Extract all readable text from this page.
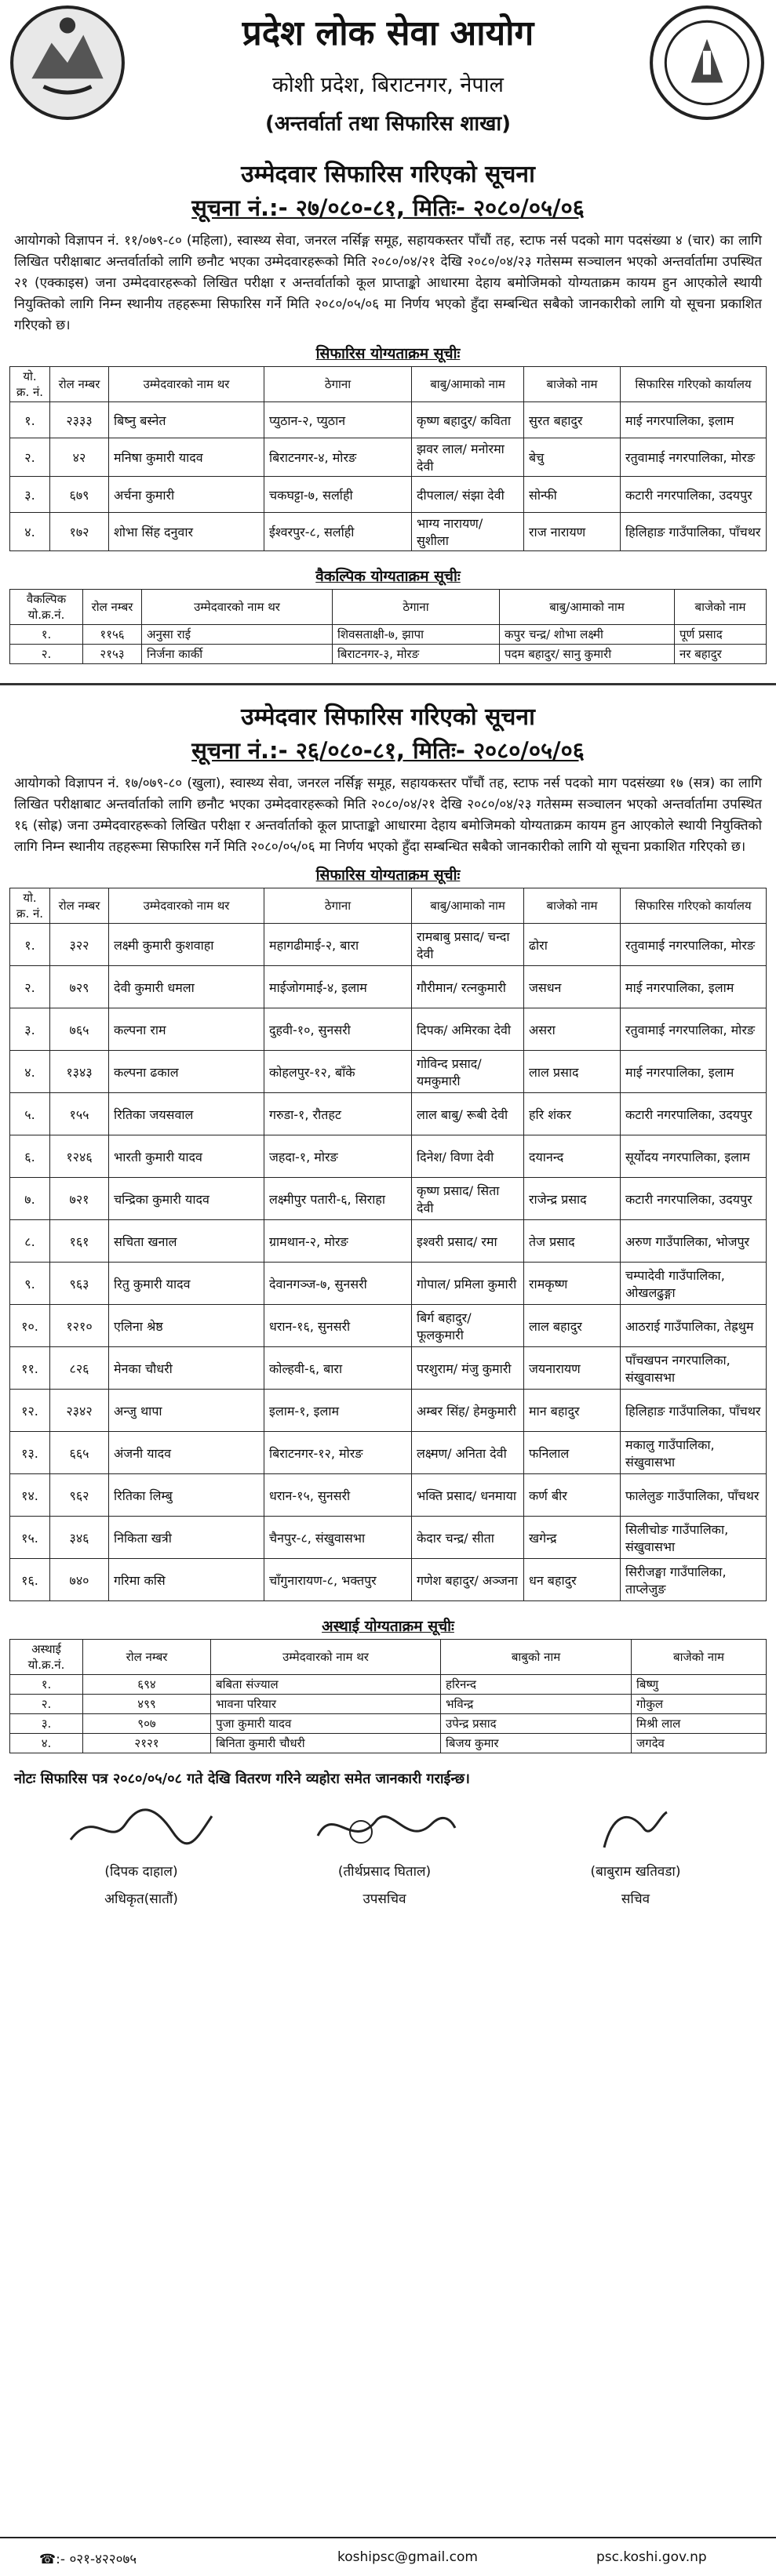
प्रदेश लोक सेवा आयोग
कोशी प्रदेश, बिराटनगर, नेपाल
(अन्तर्वार्ता तथा सिफारिस शाखा)
उम्मेदवार सिफारिस गरिएको सूचना

सूचना नं.:- २७/०८०-८१, मितिः- २०८०/०५/०६

आयोगको विज्ञापन नं. ११/०७९-८० (महिला), स्वास्थ्य सेवा, जनरल नर्सिङ्ग समूह, सहायकस्तर पाँचौं तह, स्टाफ नर्स पदको माग पदसंख्या ४ (चार) का लागि लिखित परीक्षाबाट अन्तर्वार्ताको लागि छनौट भएका उम्मेदवारहरूको मिति २०८०/०४/२१ देखि २०८०/०४/२३ गतेसम्म सञ्चालन भएको अन्तर्वार्तामा उपस्थित २१ (एक्काइस) जना उम्मेदवारहरूको लिखित परीक्षा र अन्तर्वार्ताको कूल प्राप्ताङ्को आधारमा देहाय बमोजिमको योग्यताक्रम कायम हुन आएकोले स्थायी नियुक्तिको लागि निम्न स्थानीय तहहरूमा सिफारिस गर्ने मिति २०८०/०५/०६ मा निर्णय भएको हुँदा सम्बन्धित सबैको जानकारीको लागि यो सूचना प्रकाशित गरिएको छ।

सिफारिस योग्यताक्रम सूचीः
यो. क्र. नं.	रोल नम्बर	उम्मेदवारको नाम थर	ठेगाना	बाबु/आमाको नाम	बाजेको नाम	सिफारिस गरिएको कार्यालय
१.	२३३३	बिष्नु बस्नेत	प्युठान-२, प्युठान	कृष्ण बहादुर/ कविता	सुरत बहादुर	माई नगरपालिका, इलाम
२.	४२	मनिषा कुमारी यादव	बिराटनगर-४, मोरङ	झवर लाल/ मनोरमा देवी	बेचु	रतुवामाई नगरपालिका, मोरङ
३.	६७९	अर्चना कुमारी	चकघट्टा-७, सर्लाही	दीपलाल/ संझा देवी	सोन्फी	कटारी नगरपालिका, उदयपुर
४.	१७२	शोभा सिंह दनुवार	ईश्वरपुर-८, सर्लाही	भाग्य नारायण/ सुशीला	राज नारायण	हिलिहाङ गाउँपालिका, पाँचथर
वैकल्पिक योग्यताक्रम सूचीः
वैकल्पिक यो.क्र.नं.	रोल नम्बर	उम्मेदवारको नाम थर	ठेगाना	बाबु/आमाको नाम	बाजेको नाम
१.	११५६	अनुसा राई	शिवसताक्षी-७, झापा	कपुर चन्द्र/ शोभा लक्ष्मी	पूर्ण प्रसाद
२.	२१५३	निर्जना कार्की	बिराटनगर-३, मोरङ	पदम बहादुर/ सानु कुमारी	नर बहादुर
उम्मेदवार सिफारिस गरिएको सूचना

सूचना नं.:- २६/०८०-८१, मितिः- २०८०/०५/०६

आयोगको विज्ञापन नं. १७/०७९-८० (खुला), स्वास्थ्य सेवा, जनरल नर्सिङ्ग समूह, सहायकस्तर पाँचौं तह, स्टाफ नर्स पदको माग पदसंख्या १७ (सत्र) का लागि लिखित परीक्षाबाट अन्तर्वार्ताको लागि छनौट भएका उम्मेदवारहरूको मिति २०८०/०४/२१ देखि २०८०/०४/२३ गतेसम्म सञ्चालन भएको अन्तर्वार्तामा उपस्थित १६ (सोह्र) जना उम्मेदवारहरूको लिखित परीक्षा र अन्तर्वार्ताको कूल प्राप्ताङ्को आधारमा देहाय बमोजिमको योग्यताक्रम कायम हुन आएकोले स्थायी नियुक्तिको लागि निम्न स्थानीय तहहरूमा सिफारिस गर्ने मिति २०८०/०५/०६ मा निर्णय भएको हुँदा सम्बन्धित सबैको जानकारीको लागि यो सूचना प्रकाशित गरिएको छ।

सिफारिस योग्यताक्रम सूचीः
यो. क्र. नं.	रोल नम्बर	उम्मेदवारको नाम थर	ठेगाना	बाबु/आमाको नाम	बाजेको नाम	सिफारिस गरिएको कार्यालय
१.	३२२	लक्ष्मी कुमारी कुशवाहा	महागढीमाई-२, बारा	रामबाबु प्रसाद/ चन्दा देवी	ढोरा	रतुवामाई नगरपालिका, मोरङ
२.	७२९	देवी कुमारी धमला	माईजोगमाई-४, इलाम	गौरीमान/ रत्नकुमारी	जसधन	माई नगरपालिका, इलाम
३.	७६५	कल्पना राम	दुहवी-१०, सुनसरी	दिपक/ अमिरका देवी	असरा	रतुवामाई नगरपालिका, मोरङ
४.	१३४३	कल्पना ढकाल	कोहलपुर-१२, बाँके	गोविन्द प्रसाद/ यमकुमारी	लाल प्रसाद	माई नगरपालिका, इलाम
५.	१५५	रितिका जयसवाल	गरुडा-१, रौतहट	लाल बाबु/ रूबी देवी	हरि शंकर	कटारी नगरपालिका, उदयपुर
६.	१२४६	भारती कुमारी यादव	जहदा-१, मोरङ	दिनेश/ विणा देवी	दयानन्द	सूर्योदय नगरपालिका, इलाम
७.	७२१	चन्द्रिका कुमारी यादव	लक्ष्मीपुर पतारी-६, सिराहा	कृष्ण प्रसाद/ सिता देवी	राजेन्द्र प्रसाद	कटारी नगरपालिका, उदयपुर
८.	१६१	सचिता खनाल	ग्रामथान-२, मोरङ	इश्वरी प्रसाद/ रमा	तेज प्रसाद	अरुण गाउँपालिका, भोजपुर
९.	९६३	रितु कुमारी यादव	देवानगञ्ज-७, सुनसरी	गोपाल/ प्रमिला कुमारी	रामकृष्ण	चम्पादेवी गाउँपालिका, ओखलढुङ्गा
१०.	१२१०	एलिना श्रेष्ठ	धरान-१६, सुनसरी	बिर्ग बहादुर/ फूलकुमारी	लाल बहादुर	आठराई गाउँपालिका, तेह्रथुम
११.	८२६	मेनका चौधरी	कोल्हवी-६, बारा	परशुराम/ मंजु कुमारी	जयनारायण	पाँचखपन नगरपालिका, संखुवासभा
१२.	२३४२	अन्जु थापा	इलाम-१, इलाम	अम्बर सिंह/ हेमकुमारी	मान बहादुर	हिलिहाङ गाउँपालिका, पाँचथर
१३.	६६५	अंजनी यादव	बिराटनगर-१२, मोरङ	लक्ष्मण/ अनिता देवी	फनिलाल	मकालु गाउँपालिका, संखुवासभा
१४.	९६२	रितिका लिम्बु	धरान-१५, सुनसरी	भक्ति प्रसाद/ धनमाया	कर्ण बीर	फालेलुङ गाउँपालिका, पाँचथर
१५.	३४६	निकिता खत्री	चैनपुर-८, संखुवासभा	केदार चन्द्र/ सीता	खगेन्द्र	सिलीचोङ गाउँपालिका, संखुवासभा
१६.	७४०	गरिमा कसि	चाँगुनारायण-८, भक्तपुर	गणेश बहादुर/ अञ्जना	धन बहादुर	सिरीजङ्घा गाउँपालिका, ताप्लेजुङ
अस्थाई योग्यताक्रम सूचीः
अस्थाई यो.क्र.नं.	रोल नम्बर	उम्मेदवारको नाम थर	बाबुको नाम	बाजेको नाम
१.	६९४	बबिता संज्याल	हरिनन्द	बिष्णु
२.	४९९	भावना परियार	भविन्द्र	गोकुल
३.	९०७	पुजा कुमारी यादव	उपेन्द्र प्रसाद	मिश्री लाल
४.	२१२१	बिनिता कुमारी चौधरी	बिजय कुमार	जगदेव
नोटः सिफारिस पत्र २०८०/०५/०८ गते देखि वितरण गरिने व्यहोरा समेत जानकारी गराईन्छ।
(दिपक दाहाल)
अधिकृत(सातौं)
(तीर्थप्रसाद घिताल)
उपसचिव
(बाबुराम खतिवडा)
सचिव
☎:- ०२१-४२२०७५	koshipsc@gmail.com	psc.koshi.gov.np
